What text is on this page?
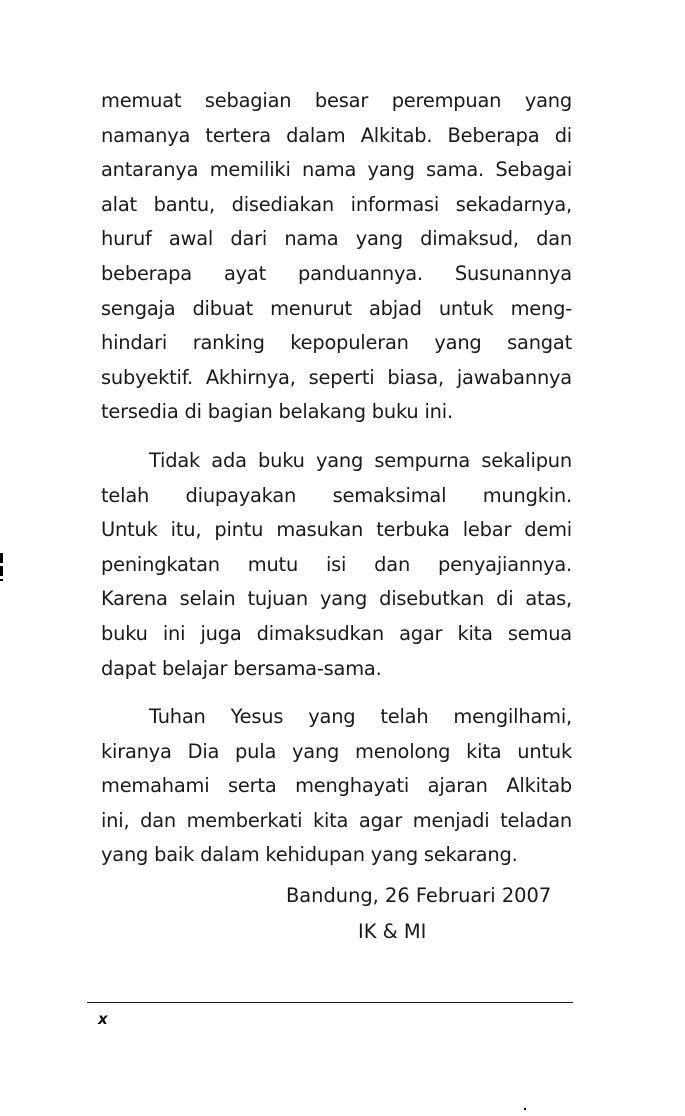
memuat sebagian besar perempuan yang
namanya tertera dalam Alkitab. Beberapa di
antaranya memiliki nama yang sama. Sebagai
alat bantu, disediakan informasi sekadarnya,
huruf awal dari nama yang dimaksud, dan
beberapa ayat panduannya. Susunannya
sengaja dibuat menurut abjad untuk meng-
hindari ranking kepopuleran yang sangat
subyektif. Akhirnya, seperti biasa, jawabannya
tersedia di bagian belakang buku ini.
Tidak ada buku yang sempurna sekalipun
telah diupayakan semaksimal mungkin.
Untuk itu, pintu masukan terbuka lebar demi
peningkatan mutu isi dan penyajiannya.
Karena selain tujuan yang disebutkan di atas,
buku ini juga dimaksudkan agar kita semua
dapat belajar bersama-sama.
Tuhan Yesus yang telah mengilhami,
kiranya Dia pula yang menolong kita untuk
memahami serta menghayati ajaran Alkitab
ini, dan memberkati kita agar menjadi teladan
yang baik dalam kehidupan yang sekarang.
Bandung, 26 Februari 2007
IK & MI
x
